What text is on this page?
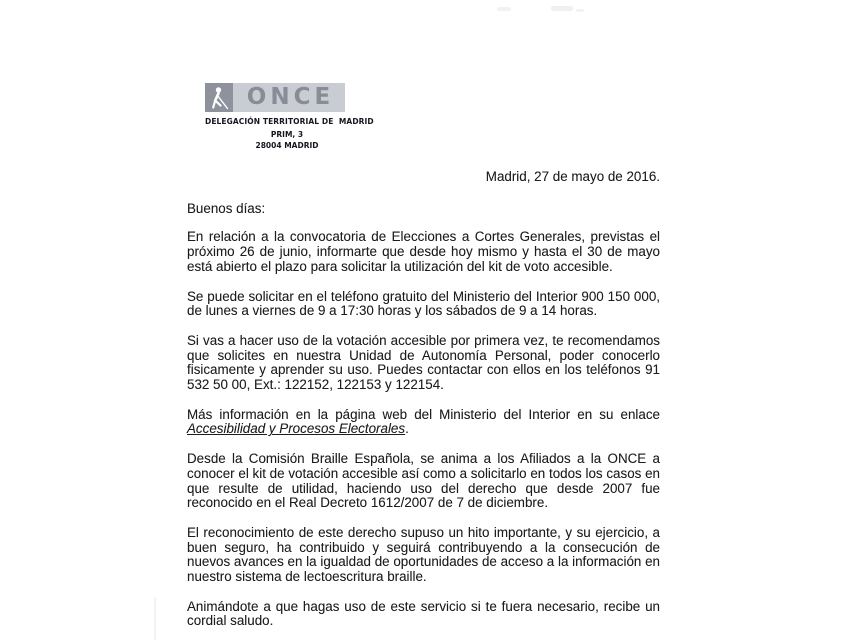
ONCE
DELEGACIÓN TERRITORIAL DE  MADRID
PRIM, 3
28004 MADRID
Madrid, 27 de mayo de 2016.
Buenos días:

En relación a la convocatoria de Elecciones a Cortes Generales, previstas el próximo 26 de junio, informarte que desde hoy mismo y hasta el 30 de mayo está abierto el plazo para solicitar la utilización del kit de voto accesible.

Se puede solicitar en el teléfono gratuito del Ministerio del Interior 900 150 000, de lunes a viernes de 9 a 17:30 horas y los sábados de 9 a 14 horas.

Si vas a hacer uso de la votación accesible por primera vez, te recomendamos que solicites en nuestra Unidad de Autonomía Personal, poder conocerlo fisicamente y aprender su uso. Puedes contactar con ellos en los teléfonos 91 532 50 00, Ext.: 122152, 122153 y 122154.

Más información en la página web del Ministerio del Interior en su enlace Accesibilidad y Procesos Electorales.

Desde la Comisión Braille Española, se anima a los Afiliados a la ONCE a conocer el kit de votación accesible así como a solicitarlo en todos los casos en que resulte de utilidad, haciendo uso del derecho que desde 2007 fue reconocido en el Real Decreto 1612/2007 de 7 de diciembre.

El reconocimiento de este derecho supuso un hito importante, y su ejercicio, a buen seguro, ha contribuido y seguirá contribuyendo a la consecución de nuevos avances en la igualdad de oportunidades de acceso a la información en nuestro sistema de lectoescritura braille.

Animándote a que hagas uso de este servicio si te fuera necesario, recibe un cordial saludo.
